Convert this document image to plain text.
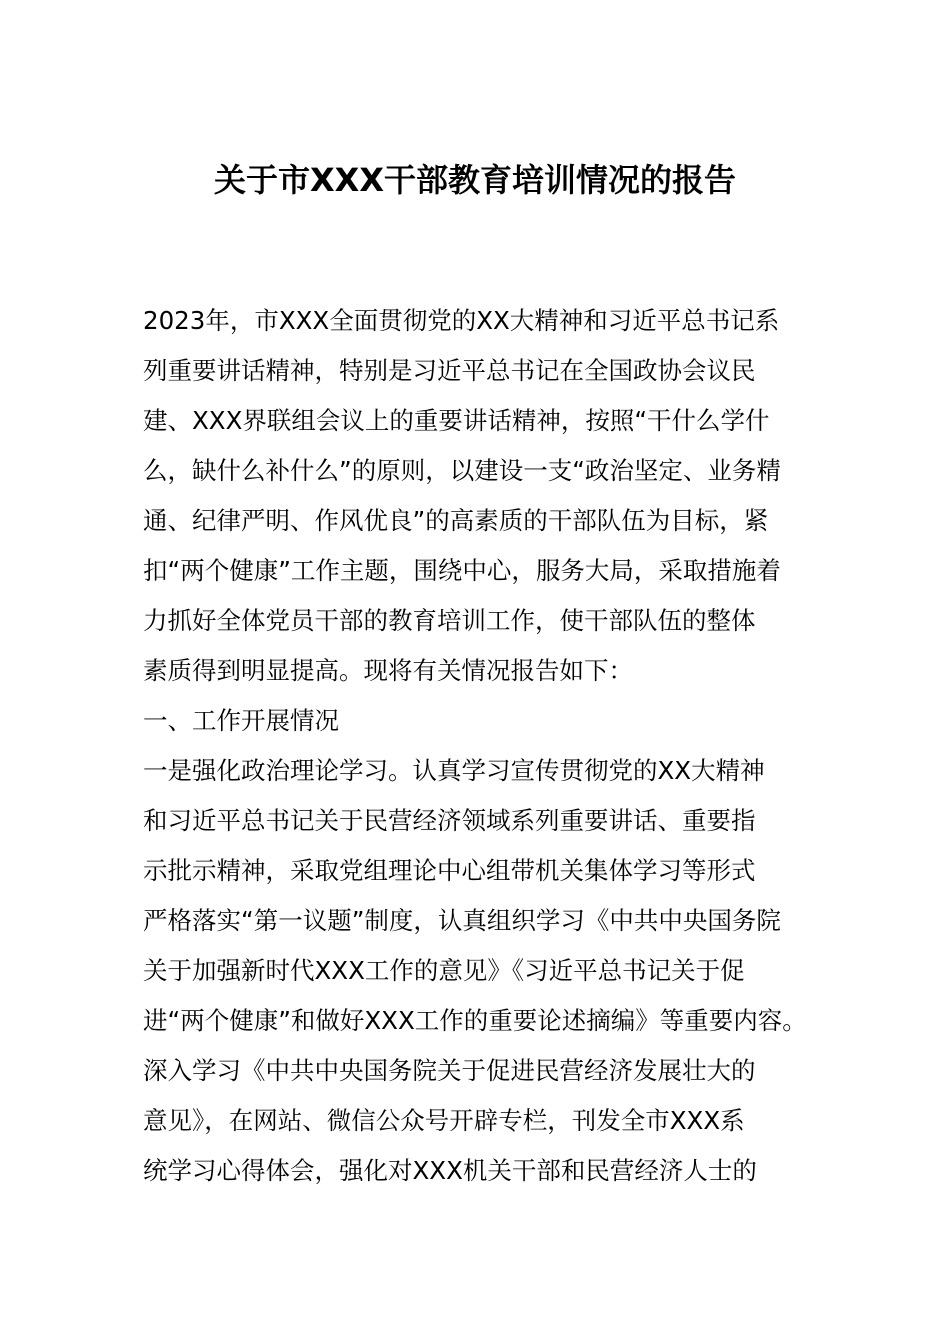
关于市XXX干部教育培训情况的报告
2023年，市XXX全面贯彻党的XX大精神和习近平总书记系
列重要讲话精神，特别是习近平总书记在全国政协会议民
建、XXX界联组会议上的重要讲话精神，按照“干什么学什
么，缺什么补什么”的原则，以建设一支“政治坚定、业务精
通、纪律严明、作风优良”的高素质的干部队伍为目标，紧
扣“两个健康”工作主题，围绕中心，服务大局，采取措施着
力抓好全体党员干部的教育培训工作，使干部队伍的整体
素质得到明显提高。现将有关情况报告如下：
一、工作开展情况
一是强化政治理论学习。认真学习宣传贯彻党的XX大精神
和习近平总书记关于民营经济领域系列重要讲话、重要指
示批示精神，采取党组理论中心组带机关集体学习等形式
严格落实“第一议题”制度，认真组织学习《中共中央国务院
关于加强新时代XXX工作的意见》《习近平总书记关于促
进“两个健康”和做好XXX工作的重要论述摘编》等重要内容。
深入学习《中共中央国务院关于促进民营经济发展壮大的
意见》，在网站、微信公众号开辟专栏，刊发全市XXX系
统学习心得体会，强化对XXX机关干部和民营经济人士的
